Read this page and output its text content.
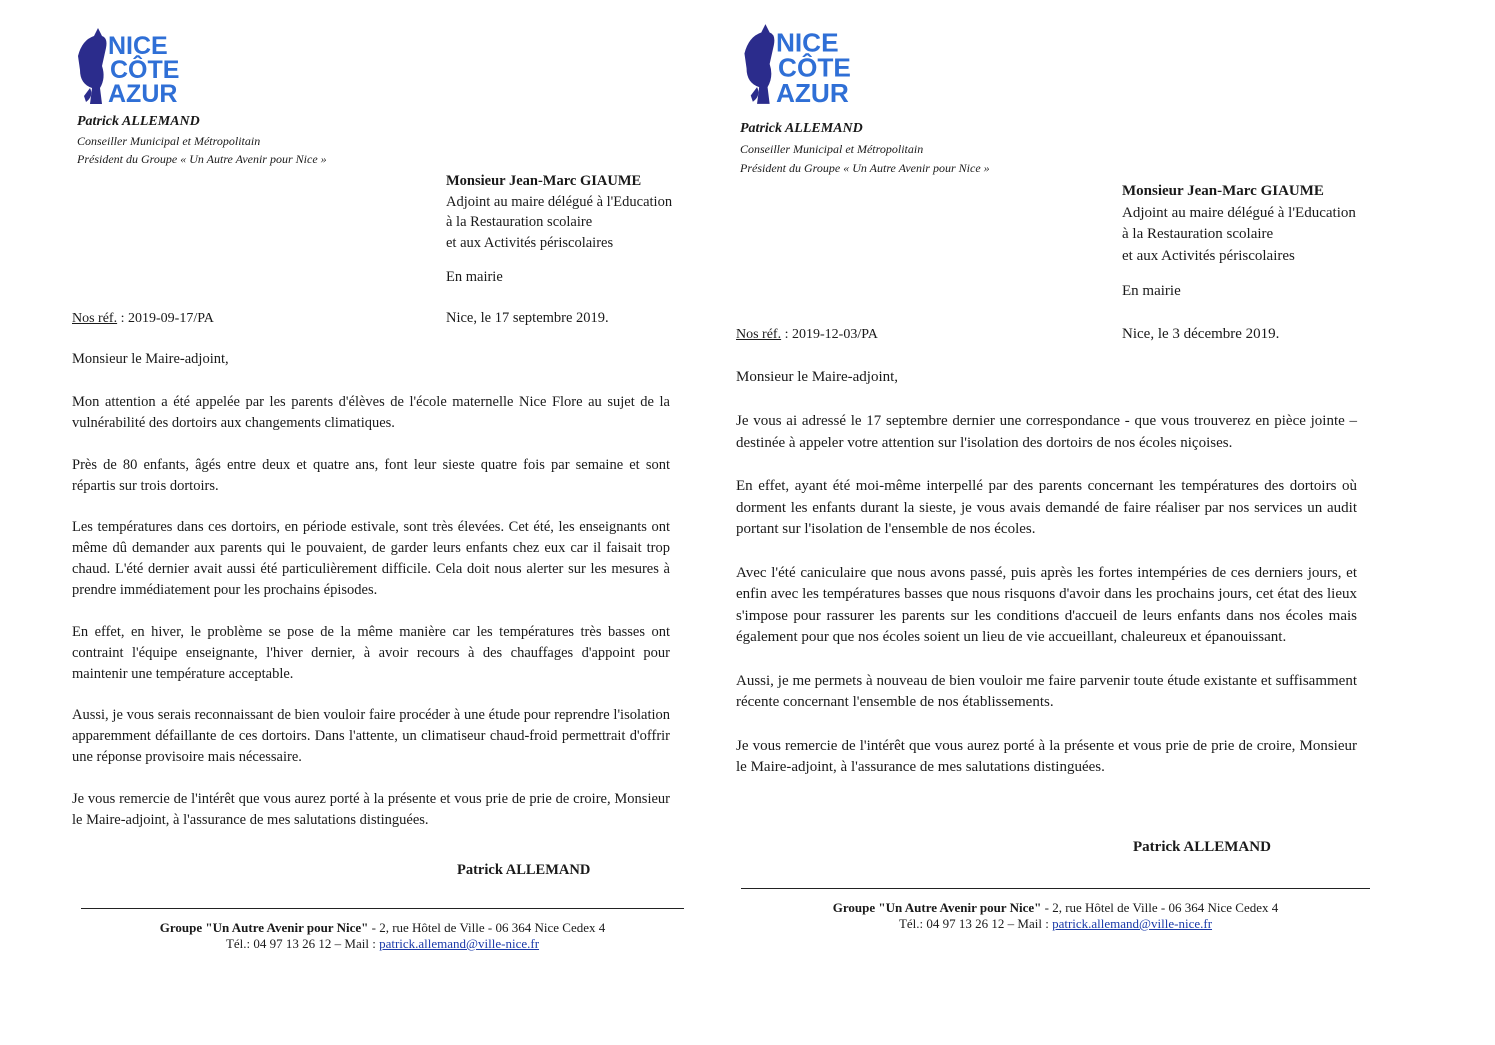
NICE
CÔTE
AZUR
Patrick ALLEMAND
Conseiller Municipal et Métropolitain
Président du Groupe « Un Autre Avenir pour Nice »
Monsieur Jean-Marc GIAUME
Adjoint au maire délégué à l'Education
à la Restauration scolaire
et aux Activités périscolaires
En mairie
Nos réf. : 2019-09-17/PA	Nice, le 17 septembre 2019.
Monsieur le Maire-adjoint,

Mon attention a été appelée par les parents d'élèves de l'école maternelle Nice Flore au sujet de la vulnérabilité des dortoirs aux changements climatiques.

Près de 80 enfants, âgés entre deux et quatre ans, font leur sieste quatre fois par semaine et sont répartis sur trois dortoirs.

Les températures dans ces dortoirs, en période estivale, sont très élevées. Cet été, les enseignants ont même dû demander aux parents qui le pouvaient, de garder leurs enfants chez eux car il faisait trop chaud. L'été dernier avait aussi été particulièrement difficile. Cela doit nous alerter sur les mesures à prendre immédiatement pour les prochains épisodes.

En effet, en hiver, le problème se pose de la même manière car les températures très basses ont contraint l'équipe enseignante, l'hiver dernier, à avoir recours à des chauffages d'appoint pour maintenir une température acceptable.

Aussi, je vous serais reconnaissant de bien vouloir faire procéder à une étude pour reprendre l'isolation apparemment défaillante de ces dortoirs. Dans l'attente, un climatiseur chaud-froid permettrait d'offrir une réponse provisoire mais nécessaire.

Je vous remercie de l'intérêt que vous aurez porté à la présente et vous prie de prie de croire, Monsieur le Maire-adjoint, à l'assurance de mes salutations distinguées.

Patrick ALLEMAND
Groupe "Un Autre Avenir pour Nice" - 2, rue Hôtel de Ville - 06 364 Nice Cedex 4
Tél.: 04 97 13 26 12 – Mail : patrick.allemand@ville-nice.fr
NICE
CÔTE
AZUR
Patrick ALLEMAND
Conseiller Municipal et Métropolitain
Président du Groupe « Un Autre Avenir pour Nice »
Monsieur Jean-Marc GIAUME
Adjoint au maire délégué à l'Education
à la Restauration scolaire
et aux Activités périscolaires
En mairie
Nos réf. : 2019-12-03/PA	Nice, le 3 décembre 2019.
Monsieur le Maire-adjoint,

Je vous ai adressé le 17 septembre dernier une correspondance - que vous trouverez en pièce jointe – destinée à appeler votre attention sur l'isolation des dortoirs de nos écoles niçoises.

En effet, ayant été moi-même interpellé par des parents concernant les températures des dortoirs où dorment les enfants durant la sieste, je vous avais demandé de faire réaliser par nos services un audit portant sur l'isolation de l'ensemble de nos écoles.

Avec l'été caniculaire que nous avons passé, puis après les fortes intempéries de ces derniers jours, et enfin avec les températures basses que nous risquons d'avoir dans les prochains jours, cet état des lieux s'impose pour rassurer les parents sur les conditions d'accueil de leurs enfants dans nos écoles mais également pour que nos écoles soient un lieu de vie accueillant, chaleureux et épanouissant.

Aussi, je me permets à nouveau de bien vouloir me faire parvenir toute étude existante et suffisamment récente concernant l'ensemble de nos établissements.

Je vous remercie de l'intérêt que vous aurez porté à la présente et vous prie de prie de croire, Monsieur le Maire-adjoint, à l'assurance de mes salutations distinguées.

Patrick ALLEMAND
Groupe "Un Autre Avenir pour Nice" - 2, rue Hôtel de Ville - 06 364 Nice Cedex 4
Tél.: 04 97 13 26 12 – Mail : patrick.allemand@ville-nice.fr
